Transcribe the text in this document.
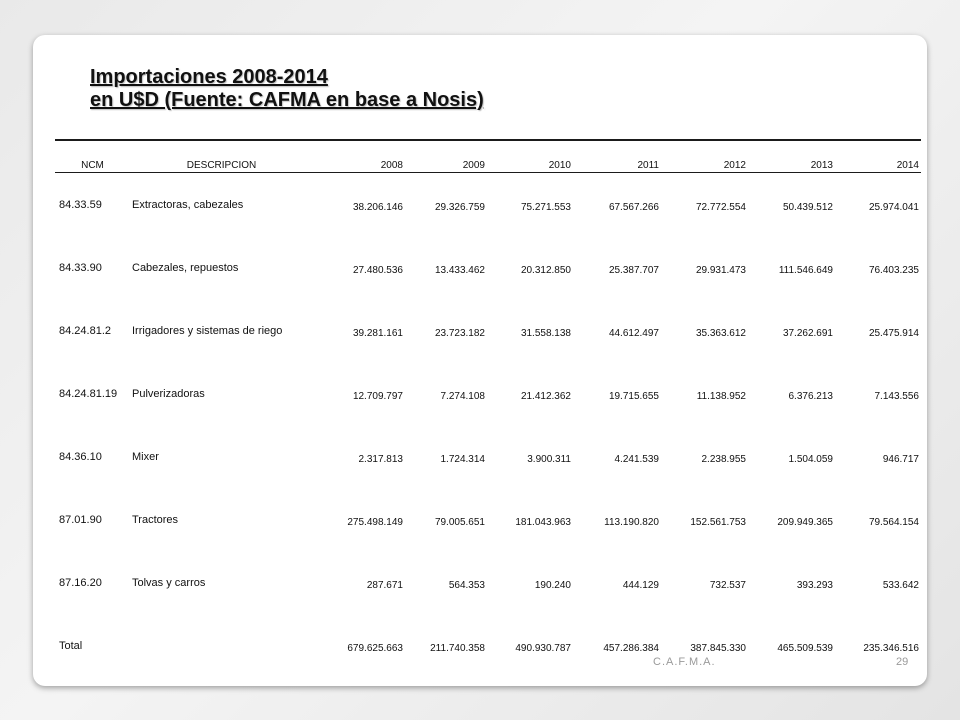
Importaciones 2008-2014
en U$D (Fuente: CAFMA en base a Nosis)
NCM	DESCRIPCION	2008	2009	2010	2011	2012	2013	2014
84.33.59	Extractoras, cabezales	38.206.146	29.326.759	75.271.553	67.567.266	72.772.554	50.439.512	25.974.041
84.33.90	Cabezales, repuestos	27.480.536	13.433.462	20.312.850	25.387.707	29.931.473	111.546.649	76.403.235
84.24.81.2	Irrigadores y sistemas de riego	39.281.161	23.723.182	31.558.138	44.612.497	35.363.612	37.262.691	25.475.914
84.24.81.19	Pulverizadoras	12.709.797	7.274.108	21.412.362	19.715.655	11.138.952	6.376.213	7.143.556
84.36.10	Mixer	2.317.813	1.724.314	3.900.311	4.241.539	2.238.955	1.504.059	946.717
87.01.90	Tractores	275.498.149	79.005.651	181.043.963	113.190.820	152.561.753	209.949.365	79.564.154
87.16.20	Tolvas y carros	287.671	564.353	190.240	444.129	732.537	393.293	533.642
Total		679.625.663	211.740.358	490.930.787	457.286.384	387.845.330	465.509.539	235.346.516
C.A.F.M.A.	29
